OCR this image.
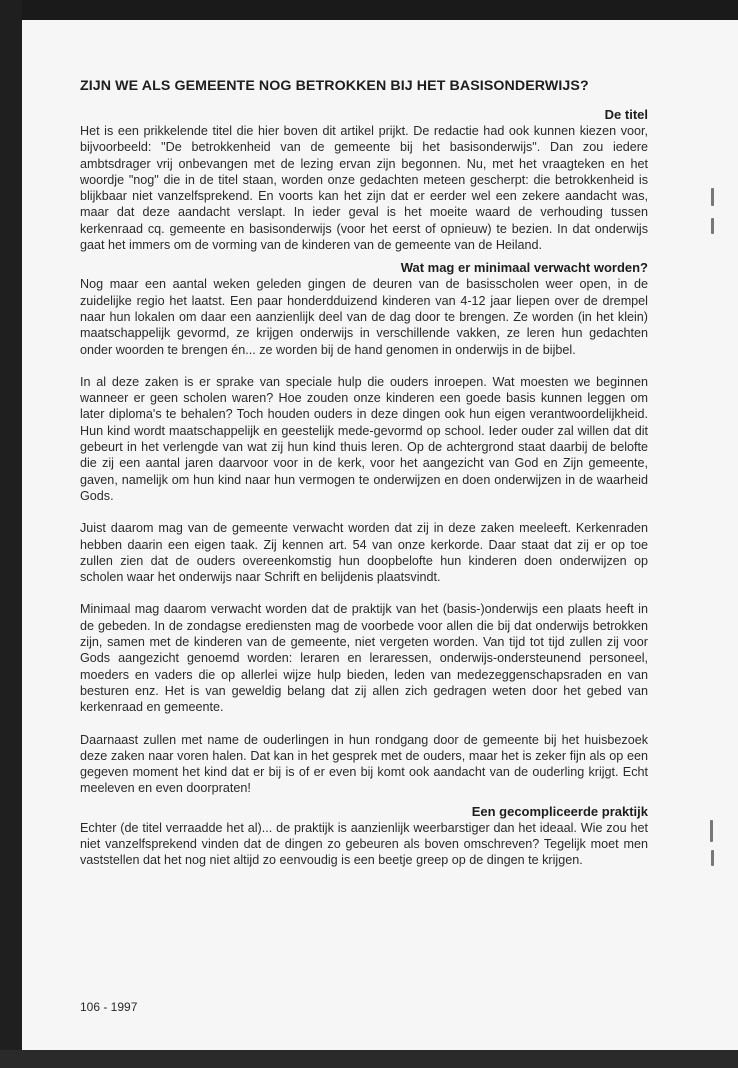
ZIJN WE ALS GEMEENTE NOG BETROKKEN BIJ HET BASISONDERWIJS?
De titel

Het is een prikkelende titel die hier boven dit artikel prijkt. De redactie had ook kunnen kiezen voor, bijvoorbeeld: "De betrokkenheid van de gemeente bij het basisonderwijs". Dan zou iedere ambtsdrager vrij onbevangen met de lezing ervan zijn begonnen. Nu, met het vraagteken en het woordje "nog" die in de titel staan, worden onze gedachten meteen gescherpt: die betrokkenheid is blijkbaar niet vanzelfsprekend. En voorts kan het zijn dat er eerder wel een zekere aandacht was, maar dat deze aandacht verslapt. In ieder geval is het moeite waard de verhouding tussen kerkenraad cq. gemeente en basisonderwijs (voor het eerst of opnieuw) te bezien. In dat onderwijs gaat het immers om de vorming van de kinderen van de gemeente van de Heiland.

Wat mag er minimaal verwacht worden?

Nog maar een aantal weken geleden gingen de deuren van de basisscholen weer open, in de zuidelijke regio het laatst. Een paar honderdduizend kinderen van 4-12 jaar liepen over de drempel naar hun lokalen om daar een aanzienlijk deel van de dag door te brengen. Ze worden (in het klein) maatschappelijk gevormd, ze krijgen onderwijs in verschillende vakken, ze leren hun gedachten onder woorden te brengen én... ze worden bij de hand genomen in onderwijs in de bijbel.

In al deze zaken is er sprake van speciale hulp die ouders inroepen. Wat moesten we beginnen wanneer er geen scholen waren? Hoe zouden onze kinderen een goede basis kunnen leggen om later diploma's te behalen? Toch houden ouders in deze dingen ook hun eigen verantwoordelijkheid. Hun kind wordt maatschappelijk en geestelijk mede-gevormd op school. Ieder ouder zal willen dat dit gebeurt in het verlengde van wat zij hun kind thuis leren. Op de achtergrond staat daarbij de belofte die zij een aantal jaren daarvoor voor in de kerk, voor het aangezicht van God en Zijn gemeente, gaven, namelijk om hun kind naar hun vermogen te onderwijzen en doen onderwijzen in de waarheid Gods.

Juist daarom mag van de gemeente verwacht worden dat zij in deze zaken meeleeft. Kerkenraden hebben daarin een eigen taak. Zij kennen art. 54 van onze kerkorde. Daar staat dat zij er op toe zullen zien dat de ouders overeenkomstig hun doopbelofte hun kinderen doen onderwijzen op scholen waar het onderwijs naar Schrift en belijdenis plaatsvindt.

Minimaal mag daarom verwacht worden dat de praktijk van het (basis-)onderwijs een plaats heeft in de gebeden. In de zondagse erediensten mag de voorbede voor allen die bij dat onderwijs betrokken zijn, samen met de kinderen van de gemeente, niet vergeten worden. Van tijd tot tijd zullen zij voor Gods aangezicht genoemd worden: leraren en leraressen, onderwijs-ondersteunend personeel, moeders en vaders die op allerlei wijze hulp bieden, leden van medezeggenschapsraden en van besturen enz. Het is van geweldig belang dat zij allen zich gedragen weten door het gebed van kerkenraad en gemeente.

Daarnaast zullen met name de ouderlingen in hun rondgang door de gemeente bij het huisbezoek deze zaken naar voren halen. Dat kan in het gesprek met de ouders, maar het is zeker fijn als op een gegeven moment het kind dat er bij is of er even bij komt ook aandacht van de ouderling krijgt. Echt meeleven en even doorpraten!

Een gecompliceerde praktijk

Echter (de titel verraadde het al)... de praktijk is aanzienlijk weerbarstiger dan het ideaal. Wie zou het niet vanzelfsprekend vinden dat de dingen zo gebeuren als boven omschreven? Tegelijk moet men vaststellen dat het nog niet altijd zo eenvoudig is een beetje greep op de dingen te krijgen.

106 - 1997
